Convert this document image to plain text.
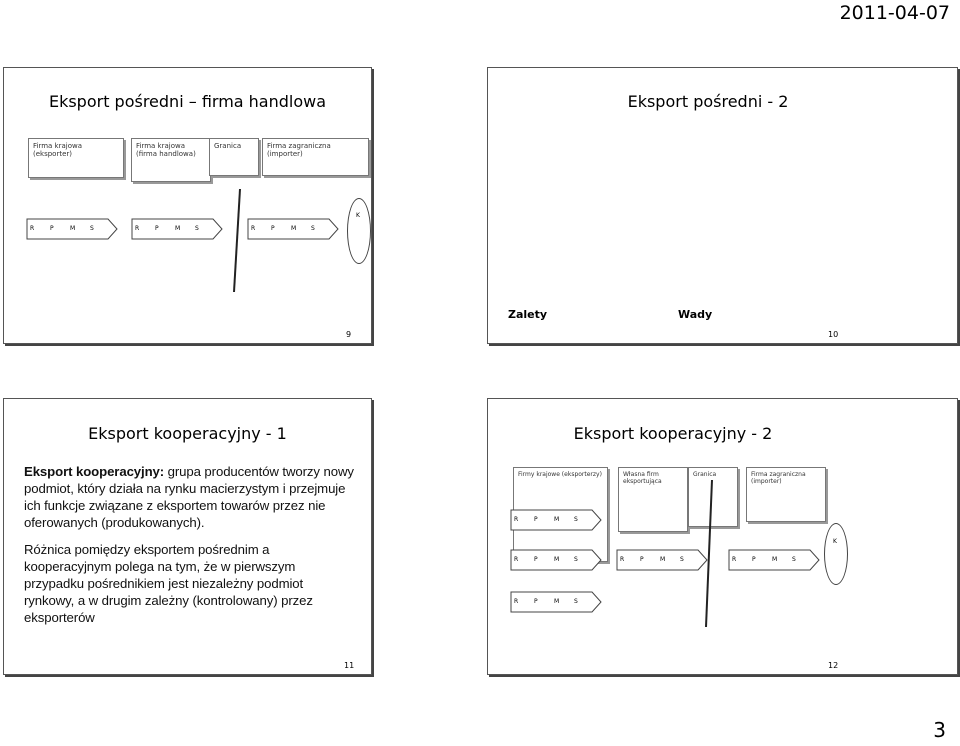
2011-04-07
Eksport pośredni – firma handlowa
Firma krajowa (eksporter)
Firma krajowa (firma handlowa)
Granica	Firma zagraniczna (importer)
R	P	M S	R	P	M S	R	P	M S
K
9
Eksport pośredni - 2
Zalety	Wady
10
Eksport kooperacyjny - 1
Eksport kooperacyjny: grupa producentów tworzy nowy podmiot, który działa na rynku macierzystym i przejmuje ich funkcje związane z eksportem towarów przez nie oferowanych (produkowanych).
Różnica pomiędzy eksportem pośrednim a kooperacyjnym polega na tym, że w pierwszym przypadku pośrednikiem jest niezależny podmiot rynkowy, a w drugim zależny (kontrolowany) przez eksporterów
11
Eksport kooperacyjny - 2
Firmy krajowe (eksporterzy)	Własna firm eksportująca
Granica	Firma zagraniczna (importer)
R	P	M S
R	P	M S
R	P	M S
R	P	M S	R	P	M S
K
12
3
